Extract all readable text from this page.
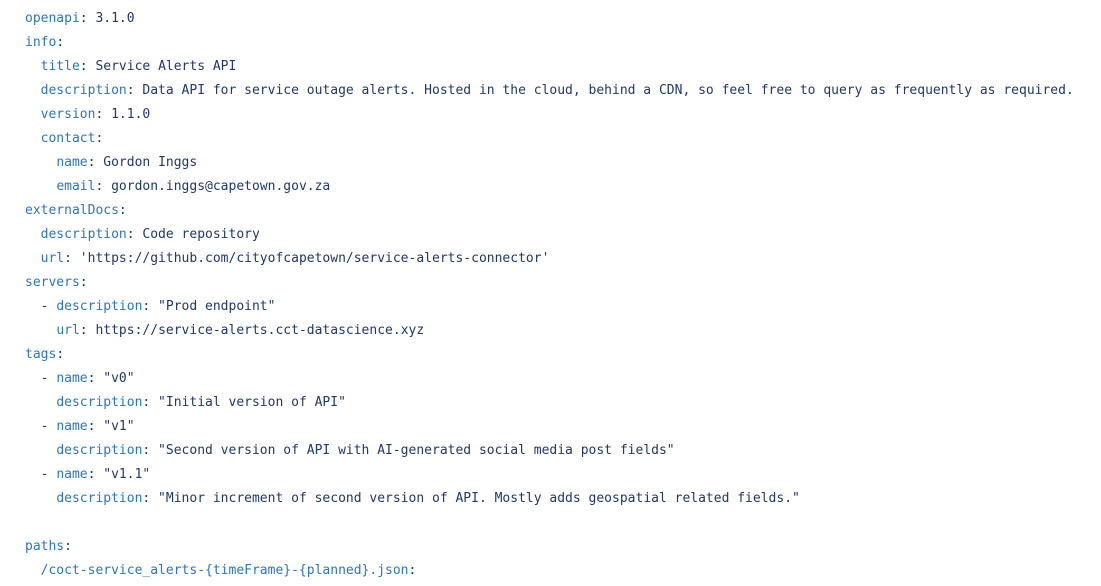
openapi: 3.1.0
info:
title: Service Alerts API
description: Data API for service outage alerts. Hosted in the cloud, behind a CDN, so feel free to query as frequently as required.
version: 1.1.0
contact:
name: Gordon Inggs
email: gordon.inggs@capetown.gov.za
externalDocs:
description: Code repository
url: 'https://github.com/cityofcapetown/service-alerts-connector'
servers:
- description: "Prod endpoint"
url: https://service-alerts.cct-datascience.xyz
tags:
- name: "v0"
description: "Initial version of API"
- name: "v1"
description: "Second version of API with AI-generated social media post fields"
- name: "v1.1"
description: "Minor increment of second version of API. Mostly adds geospatial related fields."

paths:
/coct-service_alerts-{timeFrame}-{planned}.json:
